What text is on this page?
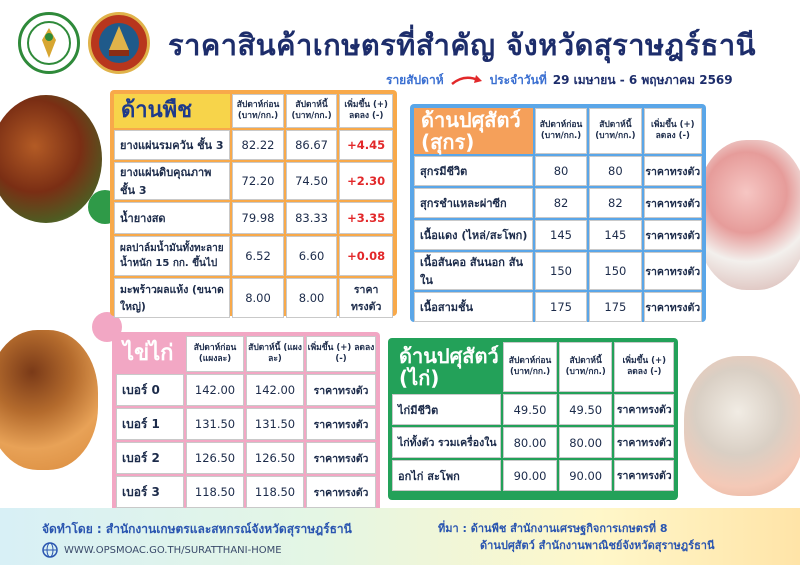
ราคาสินค้าเกษตรที่สำคัญ จังหวัดสุราษฎร์ธานี
รายสัปดาห์	ประจำวันที่ 29 เมษายน - 6 พฤษภาคม 2569
ด้านพืช	สัปดาห์ก่อน (บาท/กก.)	สัปดาห์นี้ (บาท/กก.)	เพิ่มขึ้น (+) ลดลง (-)
ยางแผ่นรมควัน ชั้น 3	82.22	86.67	+4.45
ยางแผ่นดิบคุณภาพ ชั้น 3	72.20	74.50	+2.30
น้ำยางสด	79.98	83.33	+3.35
ผลปาล์มน้ำมันทั้งทะลาย น้ำหนัก 15 กก. ขึ้นไป	6.52	6.60	+0.08
มะพร้าวผลแห้ง (ขนาดใหญ่)	8.00	8.00	ราคาทรงตัว
ด้านปศุสัตว์ (สุกร)	สัปดาห์ก่อน (บาท/กก.)	สัปดาห์นี้ (บาท/กก.)	เพิ่มขึ้น (+) ลดลง (-)
สุกรมีชีวิต	80	80	ราคาทรงตัว
สุกรชำแหละผ่าซีก	82	82	ราคาทรงตัว
เนื้อแดง (ไหล่/สะโพก)	145	145	ราคาทรงตัว
เนื้อสันคอ สันนอก สันใน	150	150	ราคาทรงตัว
เนื้อสามชั้น	175	175	ราคาทรงตัว
ไข่ไก่	สัปดาห์ก่อน (แผงละ)	สัปดาห์นี้ (แผงละ)	เพิ่มขึ้น (+) ลดลง (-)
เบอร์ 0	142.00	142.00	ราคาทรงตัว
เบอร์ 1	131.50	131.50	ราคาทรงตัว
เบอร์ 2	126.50	126.50	ราคาทรงตัว
เบอร์ 3	118.50	118.50	ราคาทรงตัว
ด้านปศุสัตว์ (ไก่)	สัปดาห์ก่อน (บาท/กก.)	สัปดาห์นี้ (บาท/กก.)	เพิ่มขึ้น (+) ลดลง (-)
ไก่มีชีวิต	49.50	49.50	ราคาทรงตัว
ไก่ทั้งตัว รวมเครื่องใน	80.00	80.00	ราคาทรงตัว
อกไก่ สะโพก	90.00	90.00	ราคาทรงตัว
จัดทำโดย : สำนักงานเกษตรและสหกรณ์จังหวัดสุราษฎร์ธานี
WWW.OPSMOAC.GO.TH/SURATTHANI-HOME
ที่มา : ด้านพืช สำนักงานเศรษฐกิจการเกษตรที่ 8
ด้านปศุสัตว์ สำนักงานพาณิชย์จังหวัดสุราษฎร์ธานี
